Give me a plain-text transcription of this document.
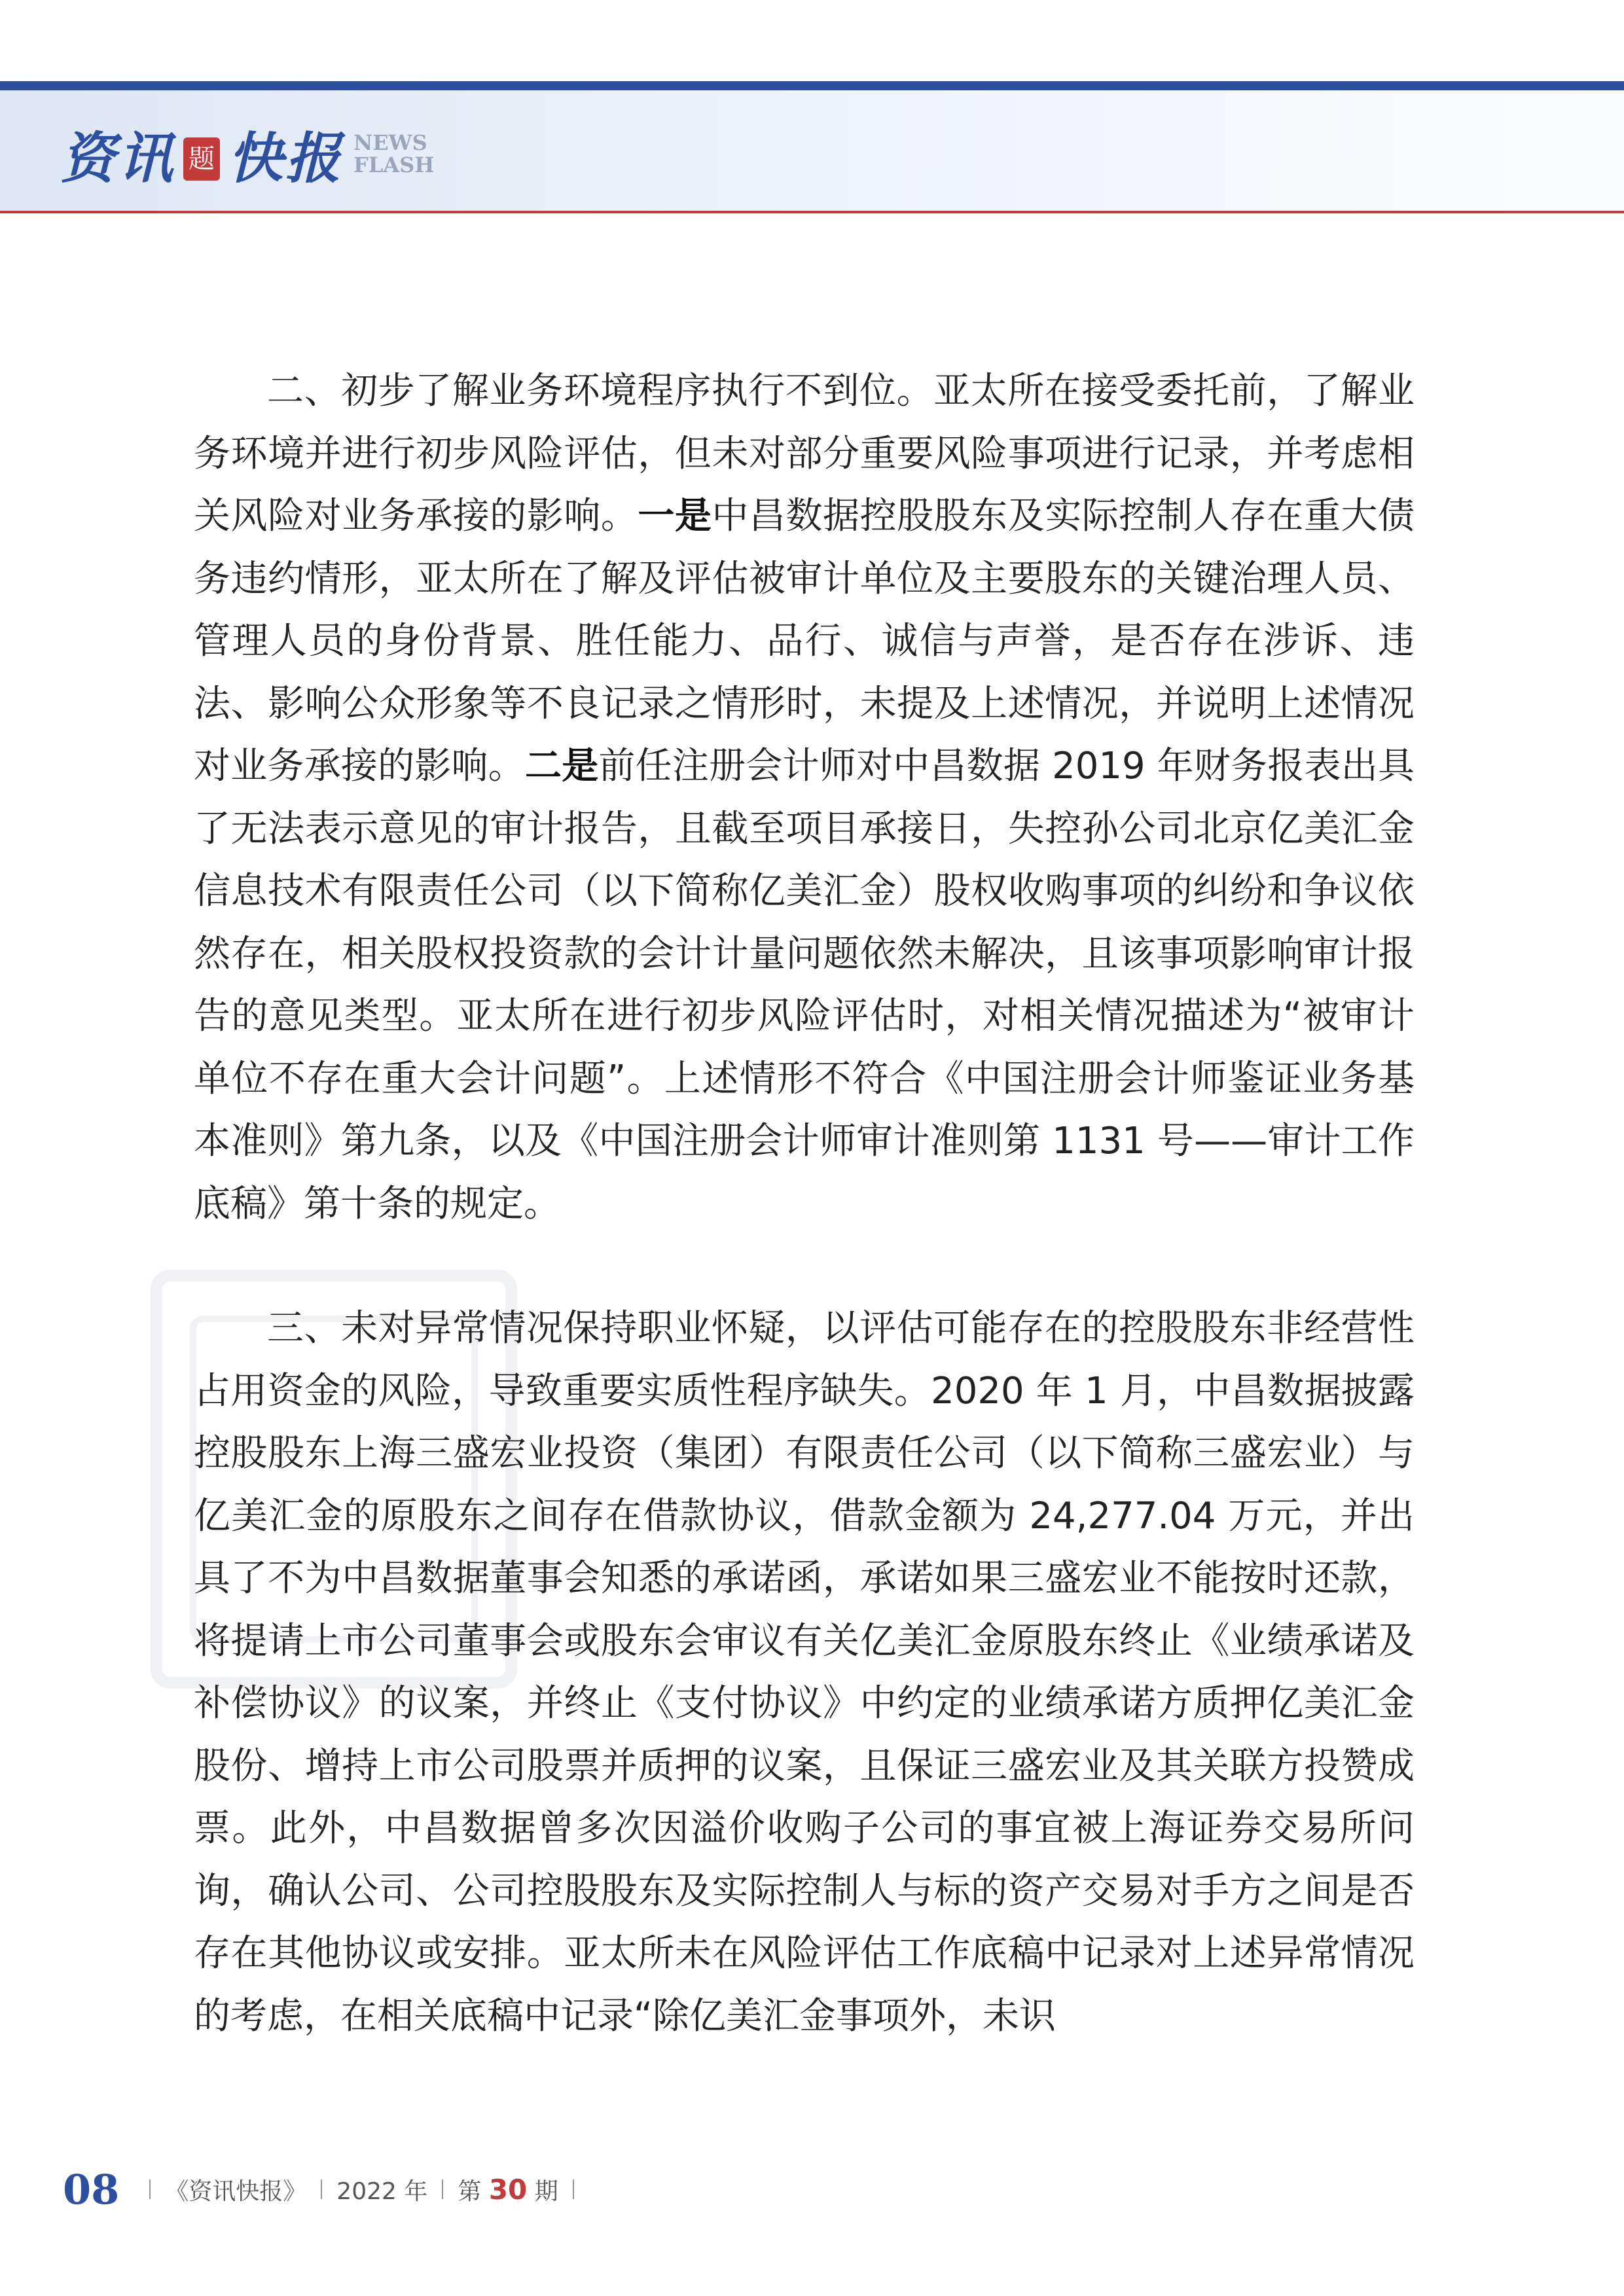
资讯 题 快报 NEWS
FLASH

二、初步了解业务环境程序执行不到位。亚太所在接受委托前，了解业务环境并进行初步风险评估，但未对部分重要风险事项进行记录，并考虑相关风险对业务承接的影响。一是中昌数据控股股东及实际控制人存在重大债务违约情形，亚太所在了解及评估被审计单位及主要股东的关键治理人员、管理人员的身份背景、胜任能力、品行、诚信与声誉，是否存在涉诉、违法、影响公众形象等不良记录之情形时，未提及上述情况，并说明上述情况对业务承接的影响。二是前任注册会计师对中昌数据 2019 年财务报表出具了无法表示意见的审计报告，且截至项目承接日，失控孙公司北京亿美汇金信息技术有限责任公司（以下简称亿美汇金）股权收购事项的纠纷和争议依然存在，相关股权投资款的会计计量问题依然未解决，且该事项影响审计报告的意见类型。亚太所在进行初步风险评估时，对相关情况描述为“被审计单位不存在重大会计问题”。上述情形不符合《中国注册会计师鉴证业务基本准则》第九条，以及《中国注册会计师审计准则第 1131 号——审计工作底稿》第十条的规定。

三、未对异常情况保持职业怀疑，以评估可能存在的控股股东非经营性占用资金的风险，导致重要实质性程序缺失。2020 年 1 月，中昌数据披露控股股东上海三盛宏业投资（集团）有限责任公司（以下简称三盛宏业）与亿美汇金的原股东之间存在借款协议，借款金额为 24,277.04 万元，并出具了不为中昌数据董事会知悉的承诺函，承诺如果三盛宏业不能按时还款，将提请上市公司董事会或股东会审议有关亿美汇金原股东终止《业绩承诺及补偿协议》的议案，并终止《支付协议》中约定的业绩承诺方质押亿美汇金股份、增持上市公司股票并质押的议案，且保证三盛宏业及其关联方投赞成票。此外，中昌数据曾多次因溢价收购子公司的事宜被上海证券交易所问询，确认公司、公司控股股东及实际控制人与标的资产交易对手方之间是否存在其他协议或安排。亚太所未在风险评估工作底稿中记录对上述异常情况的考虑，在相关底稿中记录“除亿美汇金事项外，未识

08 《资讯快报》 2022 年 第 30 期
